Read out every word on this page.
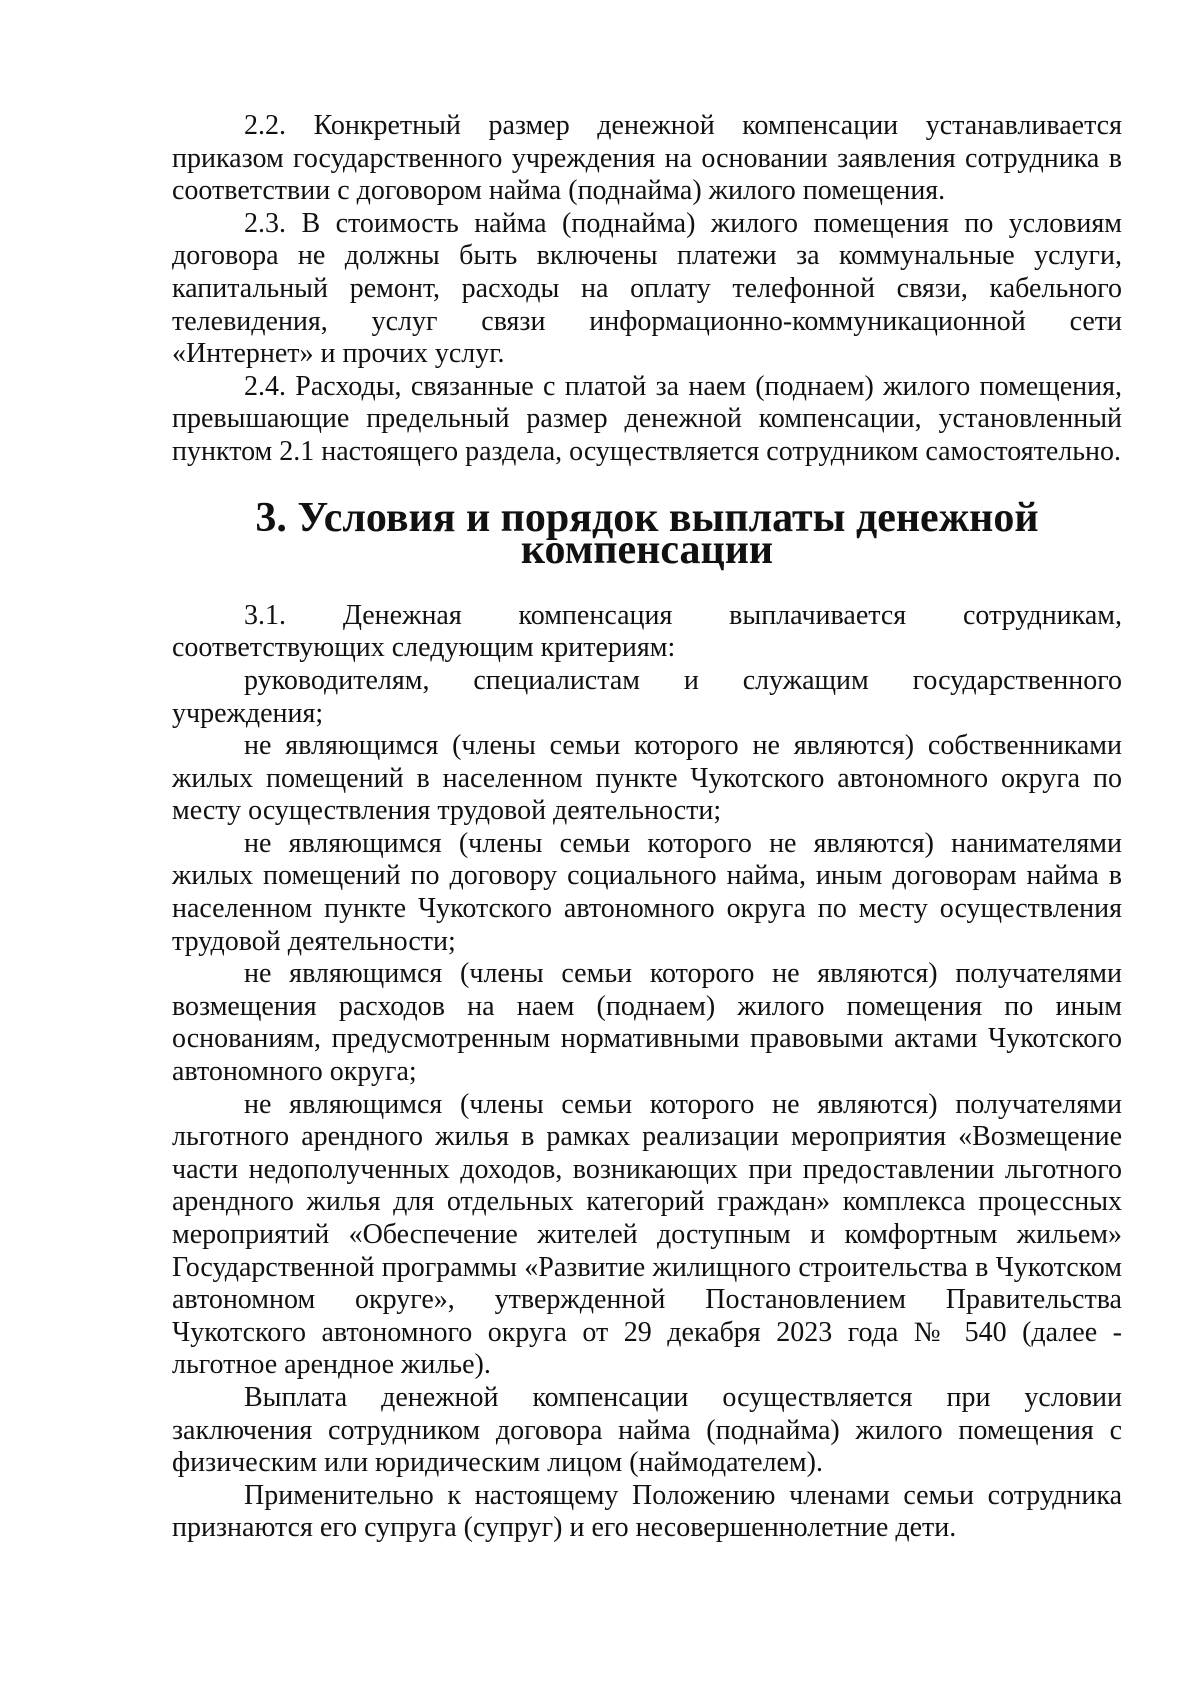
2.2. Конкретный размер денежной компенсации устанавливается приказом государственного учреждения на основании заявления сотрудника в соответствии с договором найма (поднайма) жилого помещения.

2.3. В стоимость найма (поднайма) жилого помещения по условиям договора не должны быть включены платежи за коммунальные услуги, капитальный ремонт, расходы на оплату телефонной связи, кабельного телевидения, услуг связи информационно-коммуникационной сети «Интернет» и прочих услуг.

2.4. Расходы, связанные с платой за наем (поднаем) жилого помещения, превышающие предельный размер денежной компенсации, установленный пунктом 2.1 настоящего раздела, осуществляется сотрудником самостоятельно.

3. Условия и порядок выплаты денежной компенсации

3.1. Денежная компенсация выплачивается сотрудникам, соответствующих следующим критериям:

руководителям, специалистам и служащим государственного учреждения;

не являющимся (члены семьи которого не являются) собственниками жилых помещений в населенном пункте Чукотского автономного округа по месту осуществления трудовой деятельности;

не являющимся (члены семьи которого не являются) нанимателями жилых помещений по договору социального найма, иным договорам найма в населенном пункте Чукотского автономного округа по месту осуществления трудовой деятельности;

не являющимся (члены семьи которого не являются) получателями возмещения расходов на наем (поднаем) жилого помещения по иным основаниям, предусмотренным нормативными правовыми актами Чукотского автономного округа;

не являющимся (члены семьи которого не являются) получателями льготного арендного жилья в рамках реализации мероприятия «Возмещение части недополученных доходов, возникающих при предоставлении льготного арендного жилья для отдельных категорий граждан» комплекса процессных мероприятий «Обеспечение жителей доступным и комфортным жильем» Государственной программы «Развитие жилищного строительства в Чукотском автономном округе», утвержденной Постановлением Правительства Чукотского автономного округа от 29 декабря 2023 года № 540 (далее - льготное арендное жилье).

Выплата денежной компенсации осуществляется при условии заключения сотрудником договора найма (поднайма) жилого помещения с физическим или юридическим лицом (наймодателем).

Применительно к настоящему Положению членами семьи сотрудника признаются его супруга (супруг) и его несовершеннолетние дети.
